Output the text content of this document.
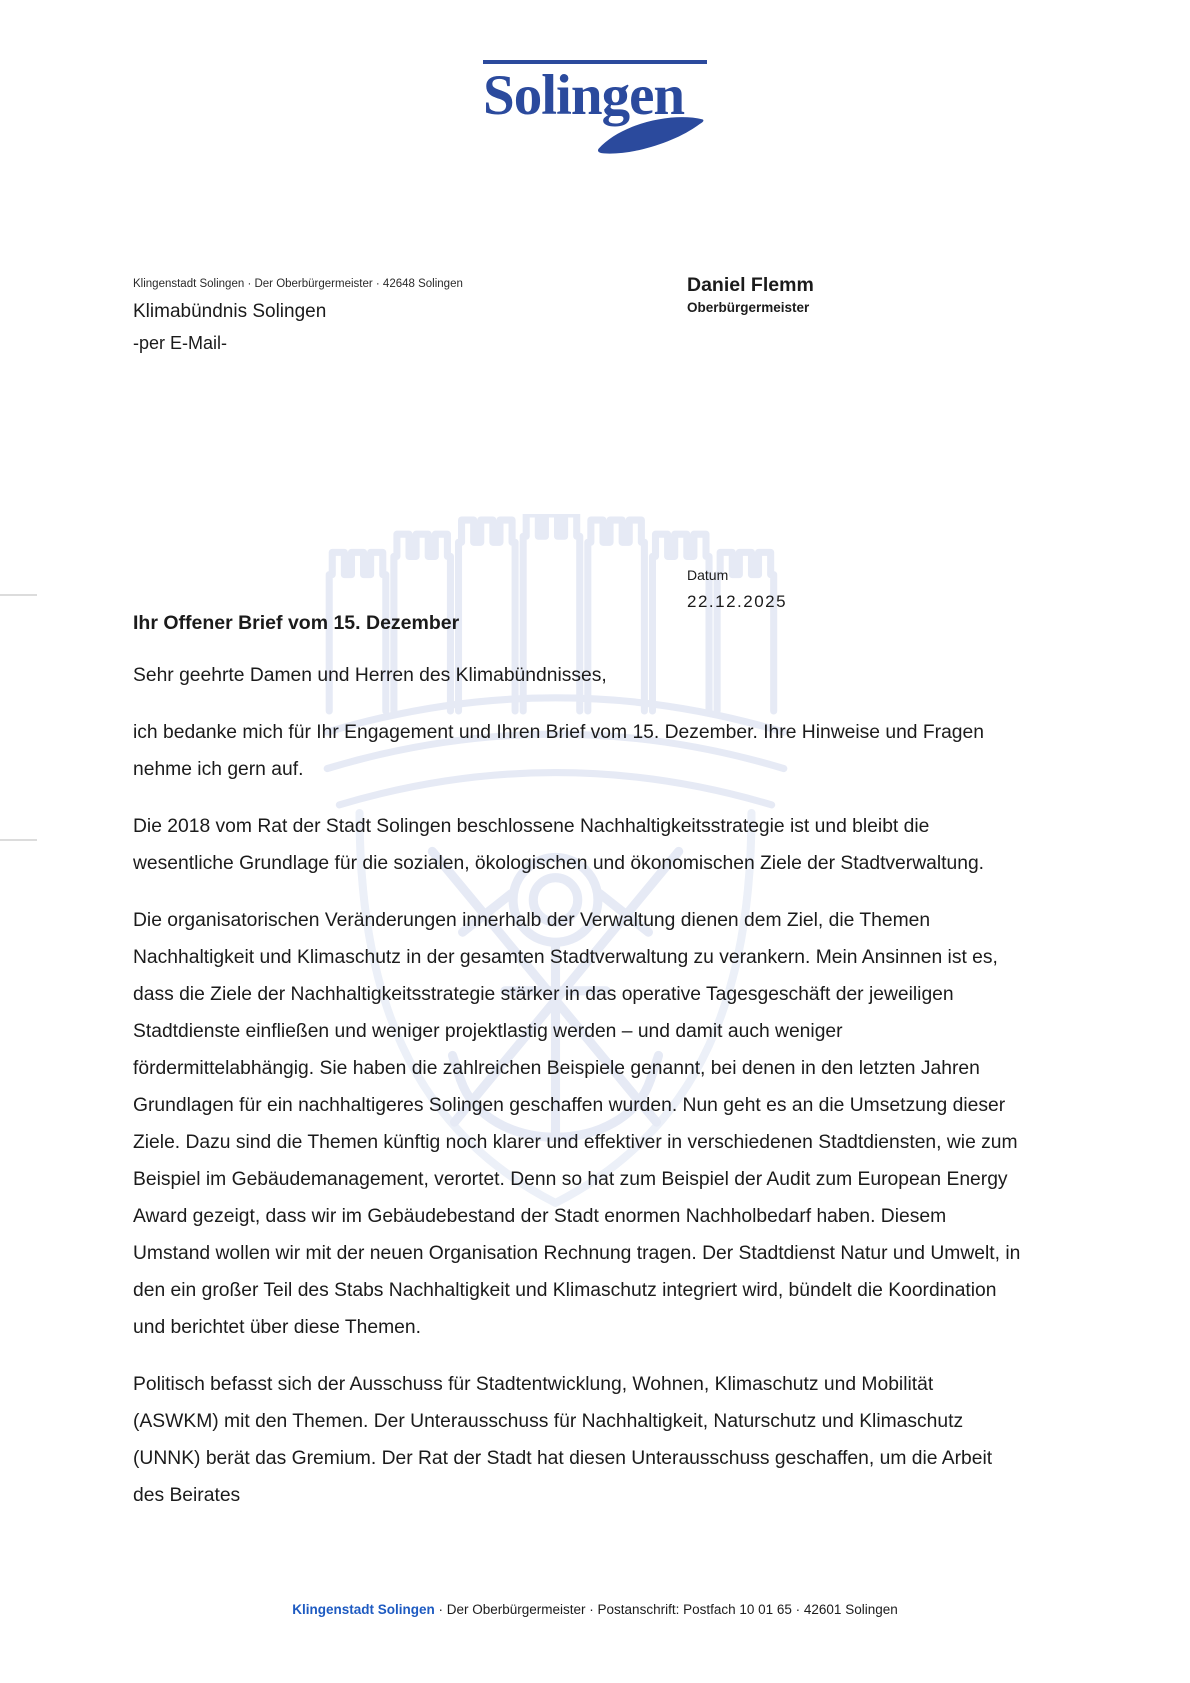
Solingen
Klingenstadt Solingen · Der Oberbürgermeister · 42648 Solingen
Klimabündnis Solingen
-per E-Mail-
Daniel Flemm
Oberbürgermeister
Datum
22.12.2025

Ihr Offener Brief vom 15. Dezember

Sehr geehrte Damen und Herren des Klimabündnisses,

ich bedanke mich für Ihr Engagement und Ihren Brief vom 15. Dezember. Ihre Hinweise und Fragen nehme ich gern auf.

Die 2018 vom Rat der Stadt Solingen beschlossene Nachhaltigkeitsstrategie ist und bleibt die wesentliche Grundlage für die sozialen, ökologischen und ökonomischen Ziele der Stadtverwaltung.

Die organisatorischen Veränderungen innerhalb der Verwaltung dienen dem Ziel, die Themen Nachhaltigkeit und Klimaschutz in der gesamten Stadtverwaltung zu verankern. Mein Ansinnen ist es, dass die Ziele der Nachhaltigkeitsstrategie stärker in das operative Tagesgeschäft der jeweiligen Stadtdienste einfließen und weniger projektlastig werden – und damit auch weniger fördermittelabhängig. Sie haben die zahlreichen Beispiele genannt, bei denen in den letzten Jahren Grundlagen für ein nachhaltigeres Solingen geschaffen wurden. Nun geht es an die Umsetzung dieser Ziele. Dazu sind die Themen künftig noch klarer und effektiver in verschiedenen Stadtdiensten, wie zum Beispiel im Gebäudemanagement, verortet. Denn so hat zum Beispiel der Audit zum European Energy Award gezeigt, dass wir im Gebäudebestand der Stadt enormen Nachholbedarf haben. Diesem Umstand wollen wir mit der neuen Organisation Rechnung tragen. Der Stadtdienst Natur und Umwelt, in den ein großer Teil des Stabs Nachhaltigkeit und Klimaschutz integriert wird, bündelt die Koordination und berichtet über diese Themen.

Politisch befasst sich der Ausschuss für Stadtentwicklung, Wohnen, Klimaschutz und Mobilität (ASWKM) mit den Themen. Der Unterausschuss für Nachhaltigkeit, Naturschutz und Klimaschutz (UNNK) berät das Gremium. Der Rat der Stadt hat diesen Unterausschuss geschaffen, um die Arbeit des Beirates

Klingenstadt Solingen · Der Oberbürgermeister · Postanschrift: Postfach 10 01 65 · 42601 Solingen
